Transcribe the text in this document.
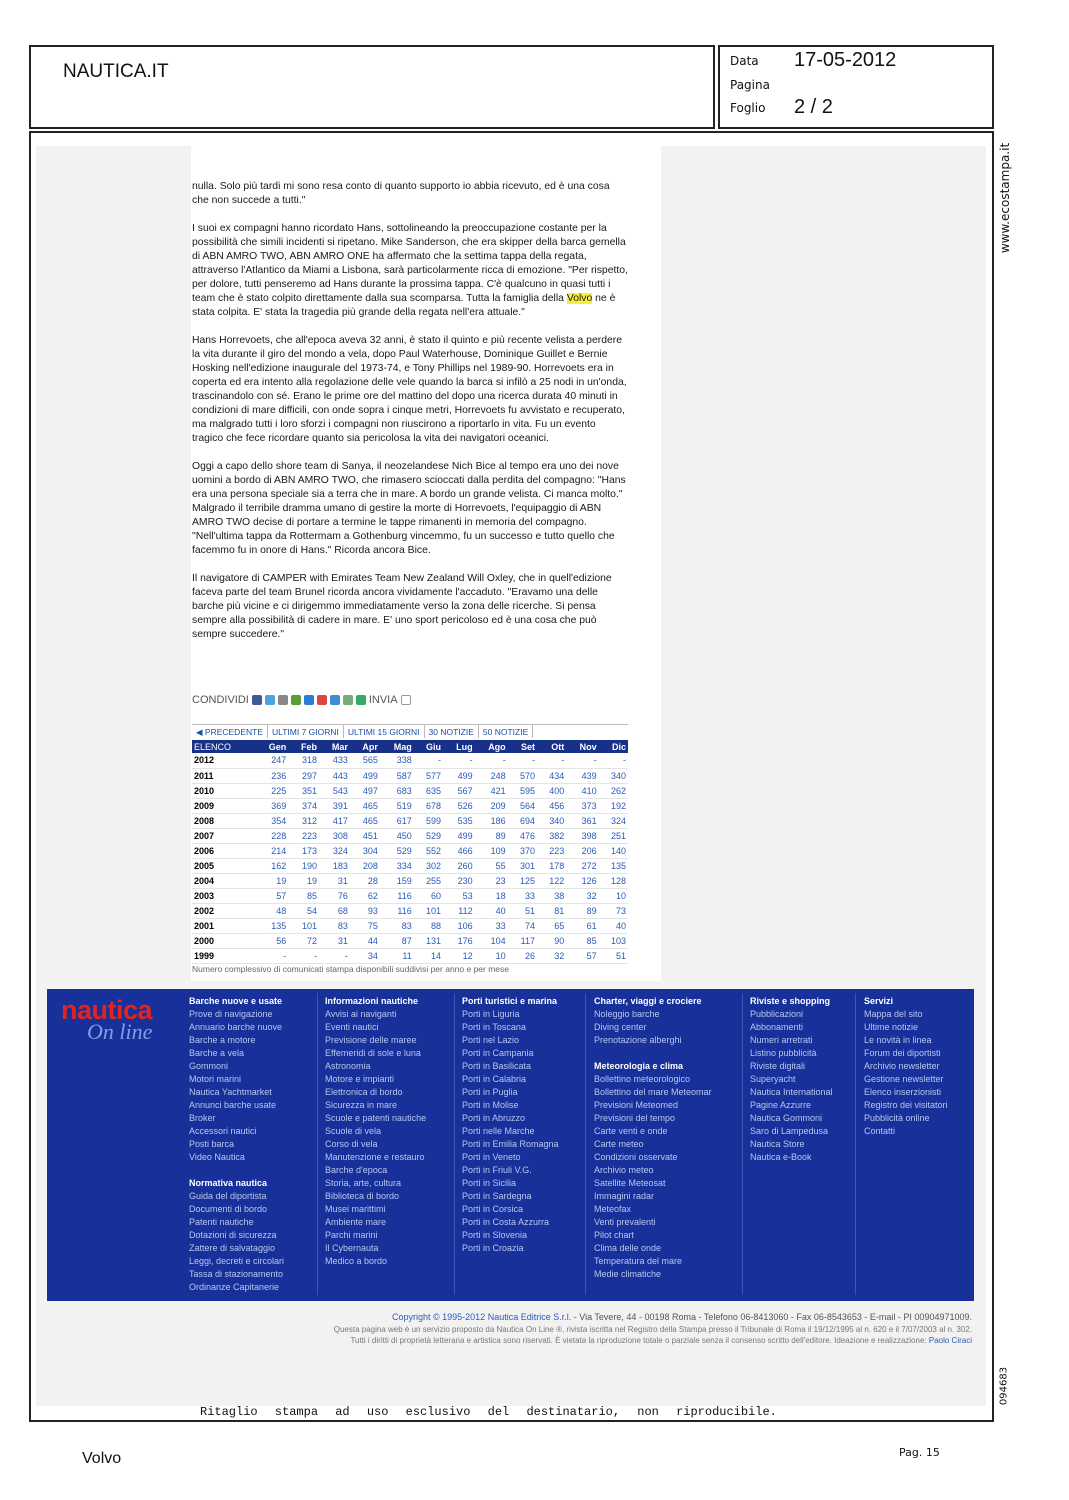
NAUTICA.IT	Data 17-05-2012
Pagina
Foglio 2 / 2
www.ecostampa.it
094683

nulla. Solo più tardi mi sono resa conto di quanto supporto io abbia ricevuto, ed è una cosa che non succede a tutti."

I suoi ex compagni hanno ricordato Hans, sottolineando la preoccupazione costante per la possibilità che simili incidenti si ripetano. Mike Sanderson, che era skipper della barca gemella di ABN AMRO TWO, ABN AMRO ONE ha affermato che la settima tappa della regata, attraverso l'Atlantico da Miami a Lisbona, sarà particolarmente ricca di emozione. "Per rispetto, per dolore, tutti penseremo ad Hans durante la prossima tappa. C'è qualcuno in quasi tutti i team che è stato colpito direttamente dalla sua scomparsa. Tutta la famiglia della Volvo ne è stata colpita. E' stata la tragedia più grande della regata nell'era attuale."

Hans Horrevoets, che all'epoca aveva 32 anni, è stato il quinto e più recente velista a perdere la vita durante il giro del mondo a vela, dopo Paul Waterhouse, Dominique Guillet e Bernie Hosking nell'edizione inaugurale del 1973-74, e Tony Phillips nel 1989-90. Horrevoets era in coperta ed era intento alla regolazione delle vele quando la barca si infilò a 25 nodi in un'onda, trascinandolo con sé. Erano le prime ore del mattino del dopo una ricerca durata 40 minuti in condizioni di mare difficili, con onde sopra i cinque metri, Horrevoets fu avvistato e recuperato, ma malgrado tutti i loro sforzi i compagni non riuscirono a riportarlo in vita. Fu un evento tragico che fece ricordare quanto sia pericolosa la vita dei navigatori oceanici.

Oggi a capo dello shore team di Sanya, il neozelandese Nich Bice al tempo era uno dei nove uomini a bordo di ABN AMRO TWO, che rimasero scioccati dalla perdita del compagno: "Hans era una persona speciale sia a terra che in mare. A bordo un grande velista. Ci manca molto." Malgrado il terribile dramma umano di gestire la morte di Horrevoets, l'equipaggio di ABN AMRO TWO decise di portare a termine le tappe rimanenti in memoria del compagno. "Nell'ultima tappa da Rottermam a Gothenburg vincemmo, fu un successo e tutto quello che facemmo fu in onore di Hans." Ricorda ancora Bice.

Il navigatore di CAMPER with Emirates Team New Zealand Will Oxley, che in quell'edizione faceva parte del team Brunel ricorda ancora vividamente l'accaduto. "Eravamo una delle barche più vicine e ci dirigemmo immediatamente verso la zona delle ricerche. Si pensa sempre alla possibilità di cadere in mare. E' uno sport pericoloso ed è una cosa che può sempre succedere."

CONDIVIDI	INVIA
◀ PRECEDENTE	ULTIMI 7 GIORNI	ULTIMI 15 GIORNI	30 NOTIZIE	50 NOTIZIE
ELENCO	Gen	Feb	Mar	Apr	Mag	Giu	Lug	Ago	Set	Ott	Nov	Dic
2012	247	318	433	565	338	-	-	-	-	-	-	-
2011	236	297	443	499	587	577	499	248	570	434	439	340
2010	225	351	543	497	683	635	567	421	595	400	410	262
2009	369	374	391	465	519	678	526	209	564	456	373	192
2008	354	312	417	465	617	599	535	186	694	340	361	324
2007	228	223	308	451	450	529	499	89	476	382	398	251
2006	214	173	324	304	529	552	466	109	370	223	206	140
2005	162	190	183	208	334	302	260	55	301	178	272	135
2004	19	19	31	28	159	255	230	23	125	122	126	128
2003	57	85	76	62	116	60	53	18	33	38	32	10
2002	48	54	68	93	116	101	112	40	51	81	89	73
2001	135	101	83	75	83	88	106	33	74	65	61	40
2000	56	72	31	44	87	131	176	104	117	90	85	103
1999	-	-	-	34	11	14	12	10	26	32	57	51
Numero complessivo di comunicati stampa disponibili suddivisi per anno e per mese
nautica
On line
Barche nuove e usate
Prove di navigazione
Annuario barche nuove
Barche a motore
Barche a vela
Gommoni
Motori marini
Nautica Yachtmarket
Annunci barche usate
Broker
Accessori nautici
Posti barca
Video Nautica
Normativa nautica
Guida del diportista
Documenti di bordo
Patenti nautiche
Dotazioni di sicurezza
Zattere di salvataggio
Leggi, decreti e circolari
Tassa di stazionamento
Ordinanze Capitanerie
Informazioni nautiche
Avvisi ai naviganti
Eventi nautici
Previsione delle maree
Effemeridi di sole e luna
Astronomia
Motore e impianti
Elettronica di bordo
Sicurezza in mare
Scuole e patenti nautiche
Scuole di vela
Corso di vela
Manutenzione e restauro
Barche d'epoca
Storia, arte, cultura
Biblioteca di bordo
Musei marittimi
Ambiente mare
Parchi marini
Il Cybernauta
Medico a bordo
Porti turistici e marina
Porti in Liguria
Porti in Toscana
Porti nel Lazio
Porti in Campania
Porti in Basilicata
Porti in Calabria
Porti in Puglia
Porti in Molise
Porti in Abruzzo
Porti nelle Marche
Porti in Emilia Romagna
Porti in Veneto
Porti in Friuli V.G.
Porti in Sicilia
Porti in Sardegna
Porti in Corsica
Porti in Costa Azzurra
Porti in Slovenia
Porti in Croazia
Charter, viaggi e crociere
Noleggio barche
Diving center
Prenotazione alberghi
Meteorologia e clima
Bollettino meteorologico
Bollettino del mare Meteomar
Previsioni Meteomed
Previsioni del tempo
Carte venti e onde
Carte meteo
Condizioni osservate
Archivio meteo
Satellite Meteosat
Immagini radar
Meteofax
Venti prevalenti
Pilot chart
Clima delle onde
Temperatura del mare
Medie climatiche
Riviste e shopping
Pubblicazioni
Abbonamenti
Numeri arretrati
Listino pubblicità
Riviste digitali
Superyacht
Nautica International
Pagine Azzurre
Nautica Gommoni
Saro di Lampedusa
Nautica Store
Nautica e-Book
Servizi
Mappa del sito
Ultime notizie
Le novità in linea
Forum dei diportisti
Archivio newsletter
Gestione newsletter
Elenco inserzionisti
Registro dei visitatori
Pubblicità online
Contatti
Copyright © 1995-2012 Nautica Editrice S.r.l. - Via Tevere, 44 - 00198 Roma - Telefono 06-8413060 - Fax 06-8543653 - E-mail - PI 00904971009.
Questa pagina web è un servizio proposto da Nautica On Line ®, rivista iscritta nel Registro della Stampa presso il Tribunale di Roma il 19/12/1995 al n. 620 e il 7/07/2003 al n. 302.
Tutti i diritti di proprietà letteraria e artistica sono riservati. È vietata la riproduzione totale o parziale senza il consenso scritto dell'editore. Ideazione e realizzazione: Paolo Ciraci
Ritaglio stampa ad uso esclusivo del destinatario, non riproducibile.
Volvo	Pag. 15
